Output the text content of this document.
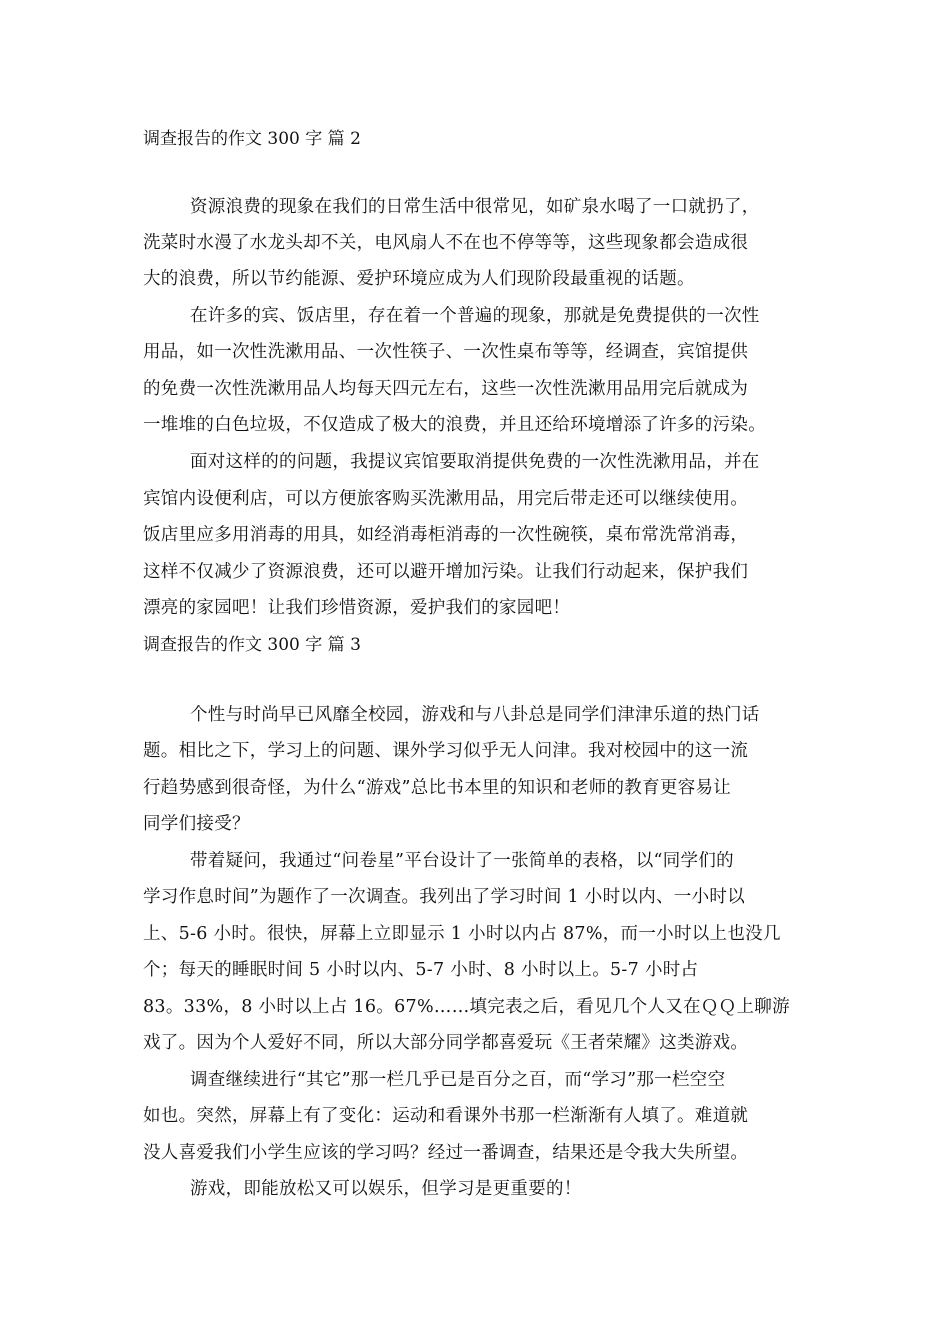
调查报告的作文 300 字 篇 2
资源浪费的现象在我们的日常生活中很常见，如矿泉水喝了一口就扔了，
洗菜时水漫了水龙头却不关，电风扇人不在也不停等等，这些现象都会造成很
大的浪费，所以节约能源、爱护环境应成为人们现阶段最重视的话题。
在许多的宾、饭店里，存在着一个普遍的现象，那就是免费提供的一次性
用品，如一次性洗漱用品、一次性筷子、一次性桌布等等，经调查，宾馆提供
的免费一次性洗漱用品人均每天四元左右，这些一次性洗漱用品用完后就成为
一堆堆的白色垃圾，不仅造成了极大的浪费，并且还给环境增添了许多的污染。
面对这样的的问题，我提议宾馆要取消提供免费的一次性洗漱用品，并在
宾馆内设便利店，可以方便旅客购买洗漱用品，用完后带走还可以继续使用。
饭店里应多用消毒的用具，如经消毒柜消毒的一次性碗筷，桌布常洗常消毒，
这样不仅减少了资源浪费，还可以避开增加污染。让我们行动起来，保护我们
漂亮的家园吧！让我们珍惜资源，爱护我们的家园吧！
调查报告的作文 300 字 篇 3
个性与时尚早已风靡全校园，游戏和与八卦总是同学们津津乐道的热门话
题。相比之下，学习上的问题、课外学习似乎无人问津。我对校园中的这一流
行趋势感到很奇怪，为什么“游戏”总比书本里的知识和老师的教育更容易让
同学们接受？
带着疑问，我通过“问卷星”平台设计了一张简单的表格，以“同学们的
学习作息时间”为题作了一次调查。我列出了学习时间 1 小时以内、一小时以
上、5-6 小时。很快，屏幕上立即显示 1 小时以内占 87%，而一小时以上也没几
个；每天的睡眠时间 5 小时以内、5-7 小时、8 小时以上。5-7 小时占
83。33%，8 小时以上占 16。67%……填完表之后，看见几个人又在ＱＱ上聊游
戏了。因为个人爱好不同，所以大部分同学都喜爱玩《王者荣耀》这类游戏。
调查继续进行“其它”那一栏几乎已是百分之百，而“学习”那一栏空空
如也。突然，屏幕上有了变化：运动和看课外书那一栏渐渐有人填了。难道就
没人喜爱我们小学生应该的学习吗？经过一番调查，结果还是令我大失所望。
游戏，即能放松又可以娱乐，但学习是更重要的！
